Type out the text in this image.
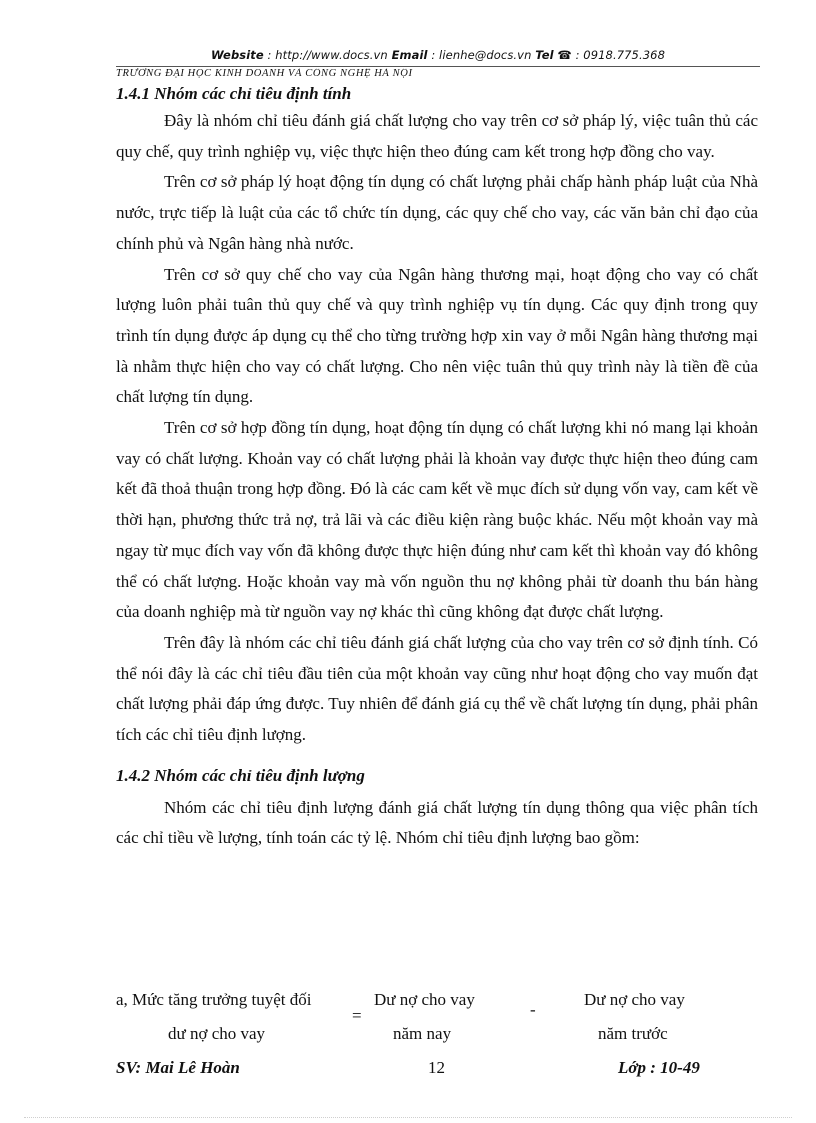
Website : http://www.docs.vn Email : lienhe@docs.vn Tel ☎ : 0918.775.368
TRƯỜNG ĐẠI HỌC KINH DOANH VÀ CÔNG NGHỆ HÀ NỘI
1.4.1 Nhóm các chỉ tiêu định tính

Đây là nhóm chỉ tiêu đánh giá chất lượng cho vay trên cơ sở pháp lý, việc tuân thủ các quy chế, quy trình nghiệp vụ, việc thực hiện theo đúng cam kết trong hợp đồng cho vay.

Trên cơ sở pháp lý hoạt động tín dụng có chất lượng phải chấp hành pháp luật của Nhà nước, trực tiếp là luật của các tổ chức tín dụng, các quy chế cho vay, các văn bản chỉ đạo của chính phủ và Ngân hàng nhà nước.

Trên cơ sở quy chế cho vay của Ngân hàng thương mại, hoạt động cho vay có chất lượng luôn phải tuân thủ quy chế và quy trình nghiệp vụ tín dụng. Các quy định trong quy trình tín dụng được áp dụng cụ thể cho từng trường hợp xin vay ở mỗi Ngân hàng thương mại là nhằm thực hiện cho vay có chất lượng. Cho nên việc tuân thủ quy trình này là tiền đề của chất lượng tín dụng.

Trên cơ sở hợp đồng tín dụng, hoạt động tín dụng có chất lượng khi nó mang lại khoản vay có chất lượng. Khoản vay có chất lượng phải là khoản vay được thực hiện theo đúng cam kết đã thoả thuận trong hợp đồng. Đó là các cam kết về mục đích sử dụng vốn vay, cam kết về thời hạn, phương thức trả nợ, trả lãi và các điều kiện ràng buộc khác. Nếu một khoản vay mà ngay từ mục đích vay vốn đã không được thực hiện đúng như cam kết thì khoản vay đó không thể có chất lượng. Hoặc khoản vay mà vốn nguồn thu nợ không phải từ doanh thu bán hàng của doanh nghiệp mà từ nguồn vay nợ khác thì cũng không đạt được chất lượng.

Trên đây là nhóm các chỉ tiêu đánh giá chất lượng của cho vay trên cơ sở định tính. Có thể nói đây là các chỉ tiêu đầu tiên của một khoản vay cũng như hoạt động cho vay muốn đạt chất lượng phải đáp ứng được. Tuy nhiên để đánh giá cụ thể về chất lượng tín dụng, phải phân tích các chỉ tiêu định lượng.

1.4.2 Nhóm các chỉ tiêu định lượng

Nhóm các chỉ tiêu định lượng đánh giá chất lượng tín dụng thông qua việc phân tích các chỉ tiều về lượng, tính toán các tỷ lệ. Nhóm chỉ tiêu định lượng bao gồm:

a, Mức tăng trưởng tuyệt đối
dư nợ cho vay
=
Dư nợ cho vay
năm nay
-
Dư nợ cho vay
năm trước
SV: Mai Lê Hoàn	12	Lớp : 10-49
